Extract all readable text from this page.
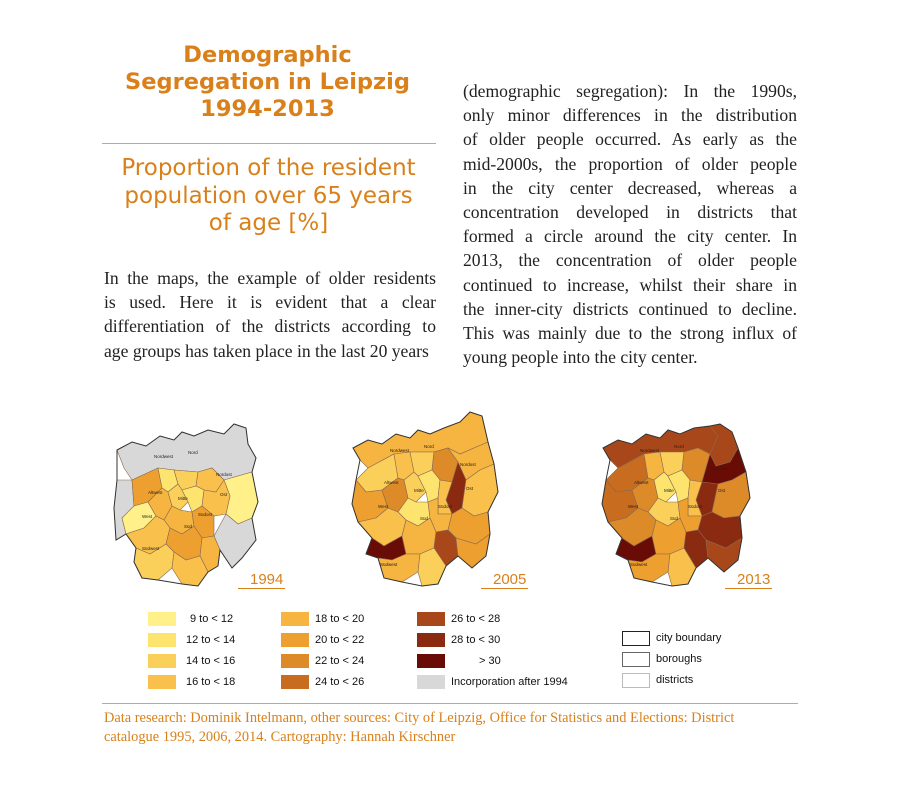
Demographic
Segregation in Leipzig
1994-2013
Proportion of the resident
population over 65 years
of age [%]
In the maps, the example of older residents
is used. Here it is evident that a clear
differentiation of the districts according to
age groups has taken place in the last 20 years
(demographic segregation): In the 1990s,
only minor differences in the distribution
of older people occurred. As early as the
mid-2000s, the proportion of older people
in the city center decreased, whereas a
concentration developed in districts that
formed a circle around the city center. In
2013, the concentration of older people
continued to increase, whilst their share in
the inner-city districts continued to decline.
This was mainly due to the strong influx of
young people into the city center.
Nord
Nordwest
Nordost
Altwest
Mitte
Ost
West
Süd
Südost
Südwest
1994
Nord
Nordwest
Nordost
Altwest
Mitte	Ost
West
Süd
Südost
Südwest
2005
Nord
Nordwest
Nordost
Altwest
Mitte	Ost
West
Süd
Südost
Südwest
2013
9 to < 12
12 to < 14
14 to < 16
16 to < 18
18 to < 20
20 to < 22
22 to < 24
24 to < 26
26 to < 28
28 to < 30
> 30
Incorporation after 1994
city boundary
boroughs
districts
Data research: Dominik Intelmann, other sources: City of Leipzig, Office for Statistics and Elections: District
catalogue 1995, 2006, 2014. Cartography: Hannah Kirschner
